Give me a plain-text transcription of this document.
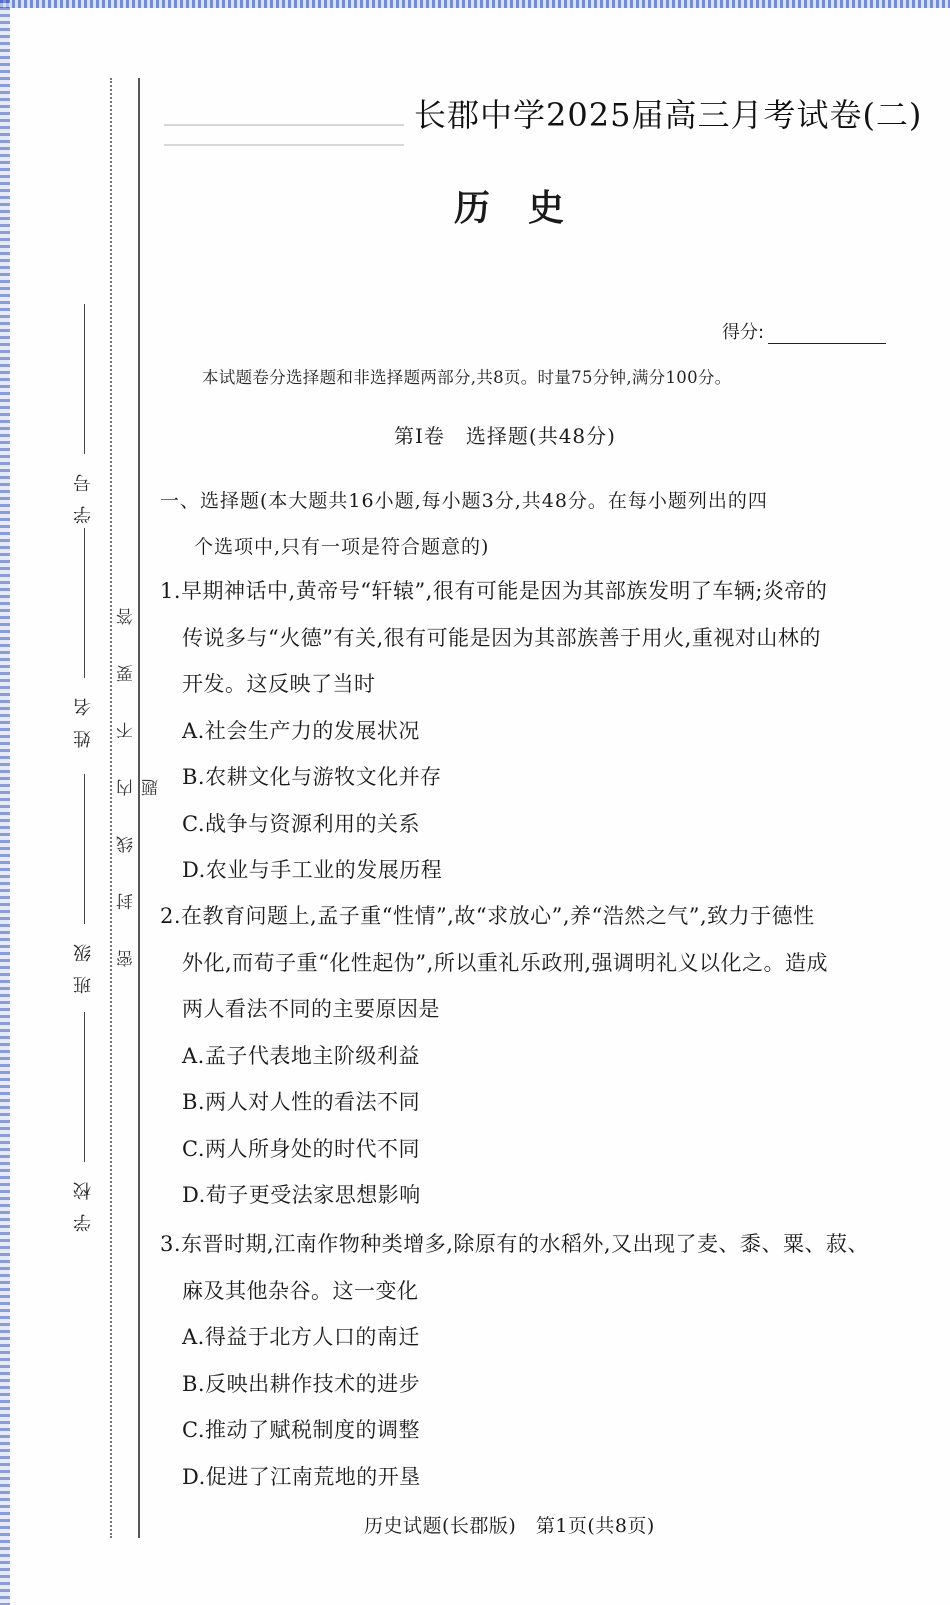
学号
姓名
班级
学校
密封线内不要答题
长郡中学2025届高三月考试卷(二)
历史
得分:
本试题卷分选择题和非选择题两部分,共8页。时量75分钟,满分100分。
第Ⅰ卷　选择题(共48分)
一、选择题(本大题共16小题,每小题3分,共48分。在每小题列出的四
个选项中,只有一项是符合题意的)
1.早期神话中,黄帝号“轩辕”,很有可能是因为其部族发明了车辆;炎帝的
传说多与“火德”有关,很有可能是因为其部族善于用火,重视对山林的
开发。这反映了当时
A.社会生产力的发展状况
B.农耕文化与游牧文化并存
C.战争与资源利用的关系
D.农业与手工业的发展历程
2.在教育问题上,孟子重“性情”,故“求放心”,养“浩然之气”,致力于德性
外化,而荀子重“化性起伪”,所以重礼乐政刑,强调明礼义以化之。造成
两人看法不同的主要原因是
A.孟子代表地主阶级利益
B.两人对人性的看法不同
C.两人所身处的时代不同
D.荀子更受法家思想影响
3.东晋时期,江南作物种类增多,除原有的水稻外,又出现了麦、黍、粟、菽、
麻及其他杂谷。这一变化
A.得益于北方人口的南迁
B.反映出耕作技术的进步
C.推动了赋税制度的调整
D.促进了江南荒地的开垦
历史试题(长郡版)　第1页(共8页)
